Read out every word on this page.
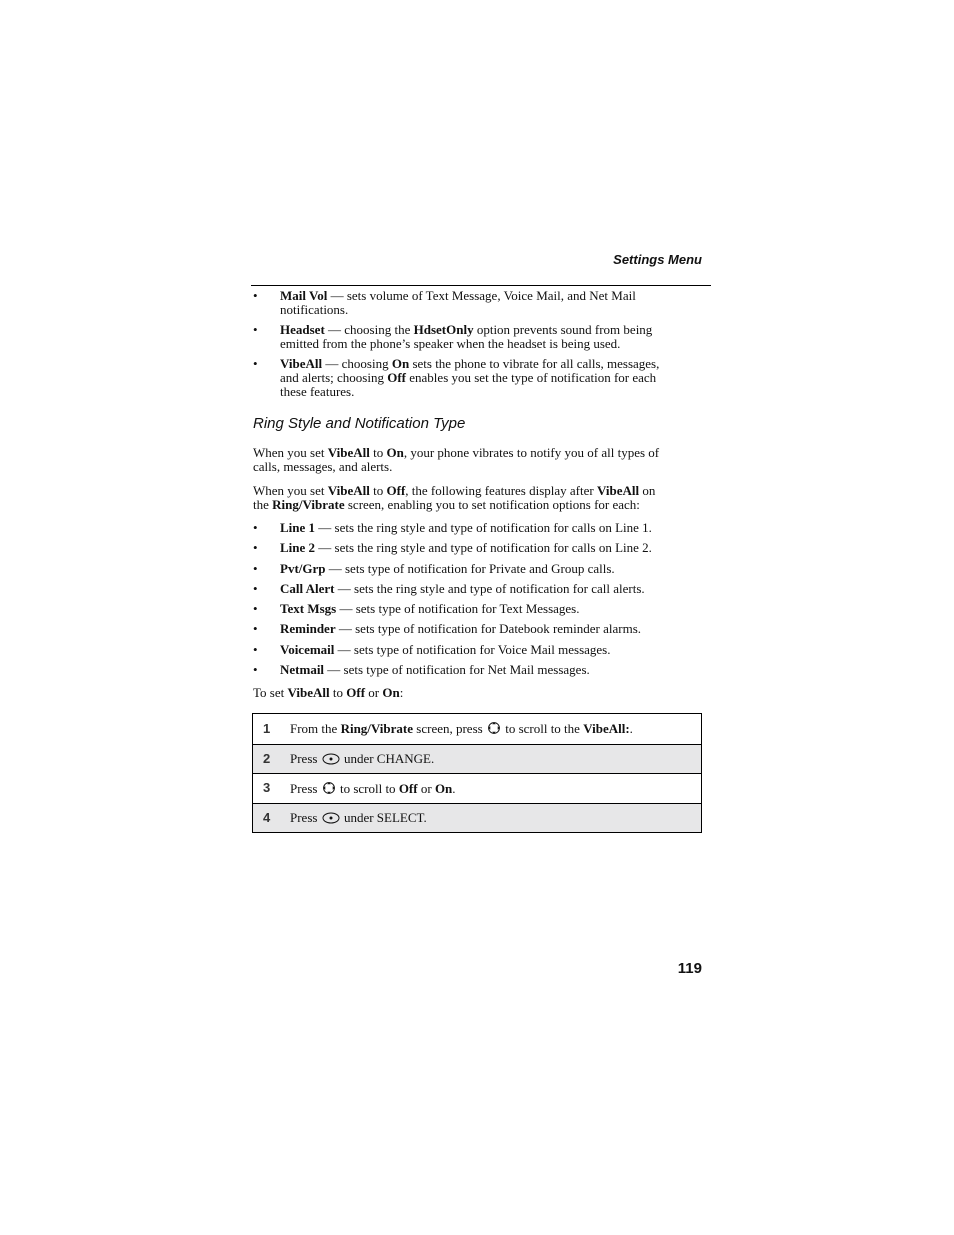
Settings Menu
• Mail Vol — sets volume of Text Message, Voice Mail, and Net Mail
notifications.
• Headset — choosing the HdsetOnly option prevents sound from being
emitted from the phone’s speaker when the headset is being used.
• VibeAll — choosing On sets the phone to vibrate for all calls, messages,
and alerts; choosing Off enables you set the type of notification for each
these features.
Ring Style and Notification Type

When you set VibeAll to On, your phone vibrates to notify you of all types of
calls, messages, and alerts.

When you set VibeAll to Off, the following features display after VibeAll on
the Ring/Vibrate screen, enabling you to set notification options for each:

• Line 1 — sets the ring style and type of notification for calls on Line 1.
• Line 2 — sets the ring style and type of notification for calls on Line 2.
• Pvt/Grp — sets type of notification for Private and Group calls.
• Call Alert — sets the ring style and type of notification for call alerts.
• Text Msgs — sets type of notification for Text Messages.
• Reminder — sets type of notification for Datebook reminder alarms.
• Voicemail — sets type of notification for Voice Mail messages.
• Netmail — sets type of notification for Net Mail messages.

To set VibeAll to Off or On:

1	From the Ring/Vibrate screen, press  to scroll to the VibeAll:.
2	Press  under CHANGE.
3	Press  to scroll to Off or On.
4	Press  under SELECT.
119
